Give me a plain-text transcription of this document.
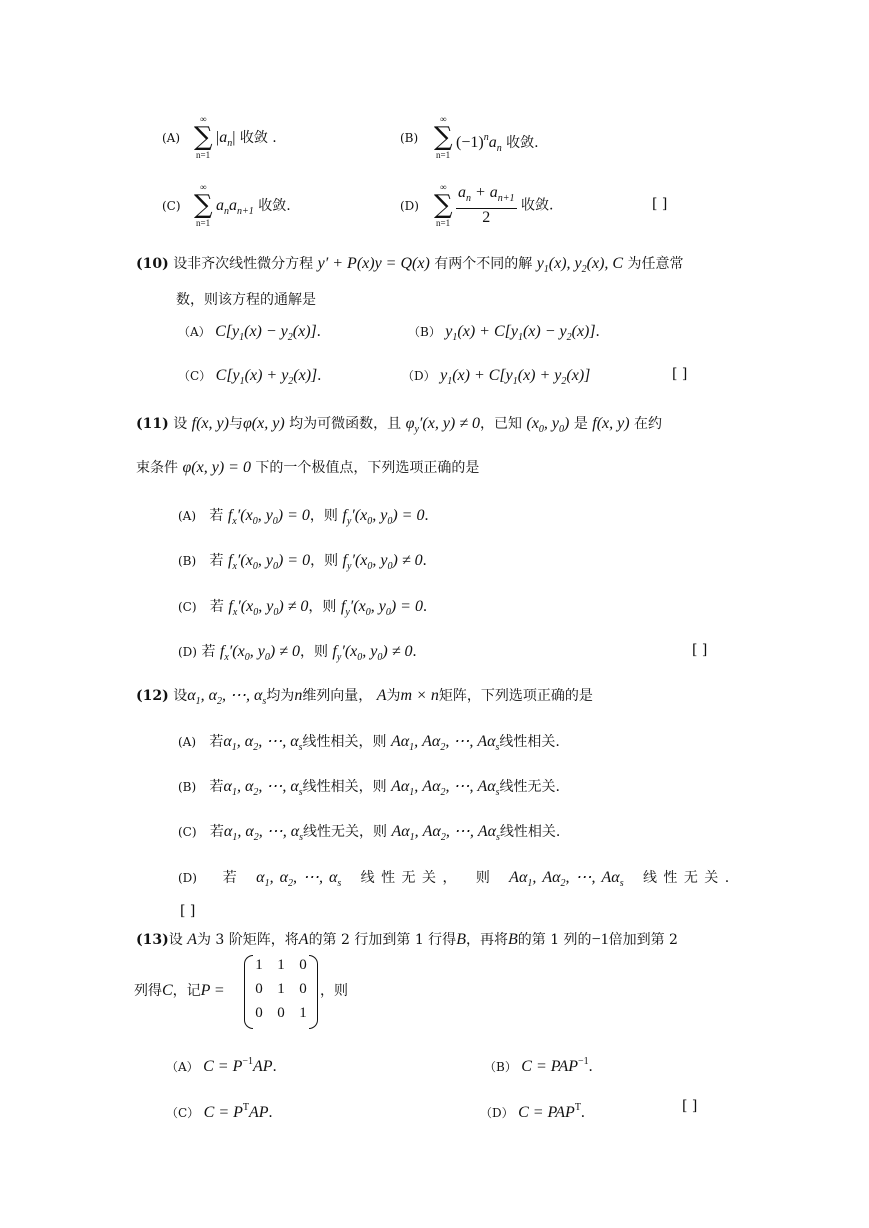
(A)
∞
∑
n=1
$|a_n|$ 收敛 .	(B)
∞
∑
n=1
$(-1)^na_n$ 收敛.
(C)
∞
∑
n=1
$a_na_{n+1}$ 收敛.	(D)
∞
∑
$n=1 \frac{a_n + a_{n+1}}{2}$ 收敛.	[ ]
(10) 设非齐次线性微分方程 y′ + P(x)y = Q(x) 有两个不同的解 $y_1(x)$, $y_2(x)$, C 为任意常
数，则该方程的通解是
（A） $C[y_1(x) - y_2(x)]$.	（B） $y_1(x) + C[y_1(x) - y_2(x)]$.
（C） $C[y_1(x) + y_2(x)]$.	（D） $y_1(x) + C[y_1(x) + y_2(x)]$	[ ]
(11) 设 f(x, y)与φ(x, y) 均为可微函数，且 $\varphi_y'(x$, y) ≠ 0，已知 ($x_0$, $y_0$) 是 f(x, y) 在约
束条件 φ(x, y) = 0 下的一个极值点，下列选项正确的是
(A) 若 $f_x'(x_0$, $y_0) = 0$，则 $f_y'(x_0$, $y_0) = 0$.
(B) 若 $f_x'(x_0$, $y_0) = 0$，则 $f_y'(x_0$, $y_0) \ne 0$.
(C) 若 $f_x'(x_0$, $y_0) \ne 0$，则 $f_y'(x_0$, $y_0) = 0$.
(D) 若 $f_x'(x_0$, $y_0) \ne 0$，则 $f_y'(x_0$, $y_0) \ne 0$.	[ ]
(12) 设$\alpha_1$, $\alpha_2$, ⋯, $\alpha_s$均为n维列向量， A为m × n矩阵，下列选项正确的是
(A) 若$\alpha_1$, $\alpha_2$, ⋯, $\alpha_s$线性相关，则 $A\alpha_1$, $A\alpha_2$, ⋯, $A\alpha_s$线性相关.
(B) 若$\alpha_1$, $\alpha_2$, ⋯, $\alpha_s$线性相关，则 $A\alpha_1$, $A\alpha_2$, ⋯, $A\alpha_s$线性无关.
(C) 若$\alpha_1$, $\alpha_2$, ⋯, $\alpha_s$线性无关，则 $A\alpha_1$, $A\alpha_2$, ⋯, $A\alpha_s$线性相关.
(D) 若 $\alpha_1$, $\alpha_2$, ⋯, $\alpha_s$ 线 性 无 关 ， 则 $A\alpha_1$, $A\alpha_2$, ⋯, $A\alpha_s$ 线 性 无 关 .
[ ]
(13)设 A为 3 阶矩阵，将A的第 2 行加到第 1 行得B，再将B的第 1 列的−1倍加到第 2
列得C，记P =
1 1 0
0 1 0
0 0 1
，则
（A） $C = P^{-1}AP$.	（B） $C = PAP^{-1}$.
（C） $C = P^TAP$.	（D） $C = PAP^T$.	[ ]
